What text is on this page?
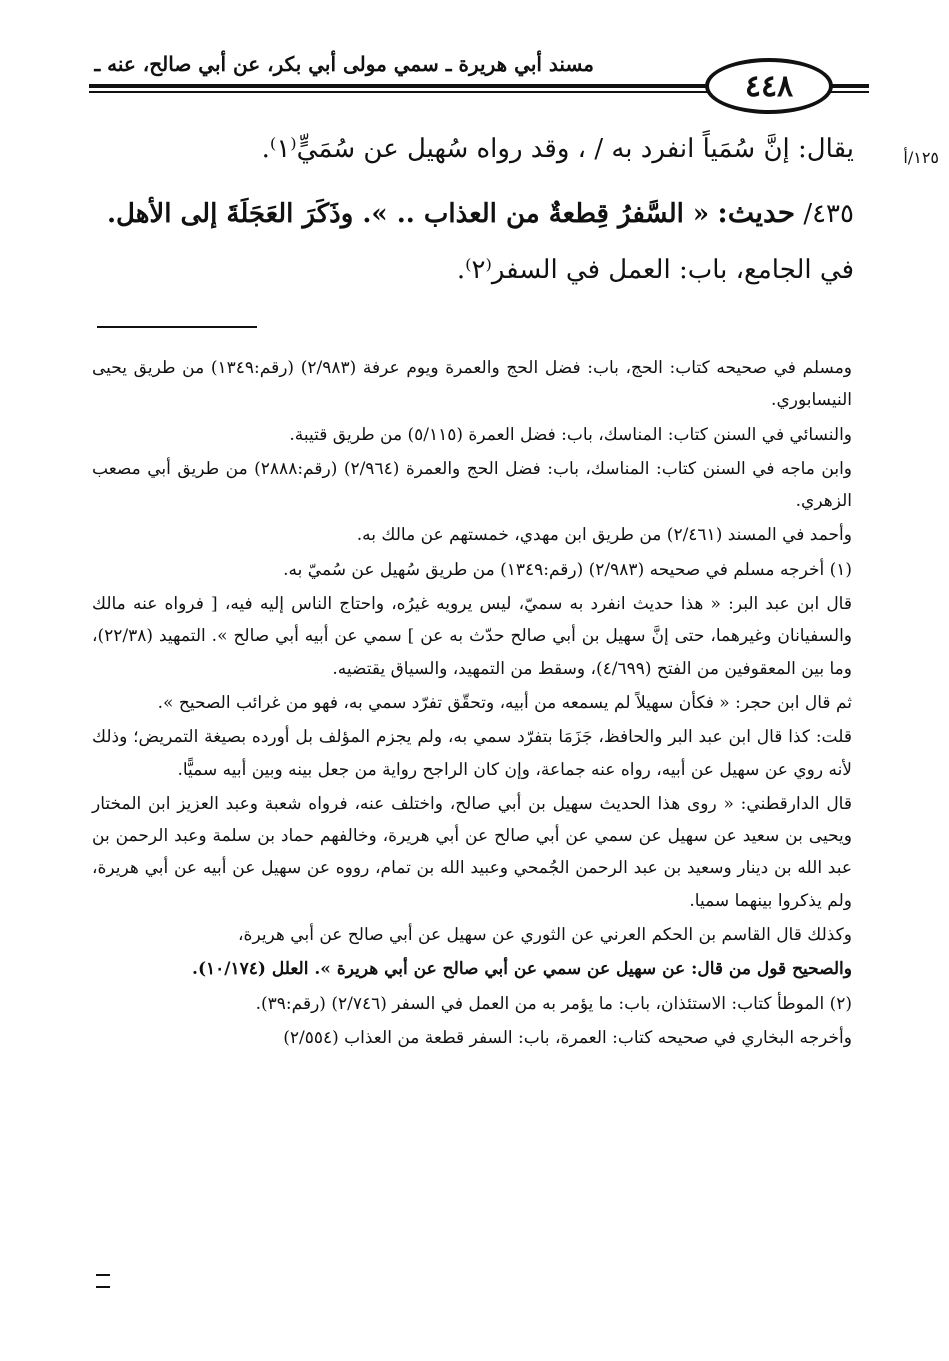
مسند أبي هريرة ـ سمي مولى أبي بكر، عن أبي صالح، عنه ـ
٤٤٨
١٢٥/أ

يقال: إنَّ سُمَياً انفرد به / ، وقد رواه سُهيل عن سُمَيٍّ⁽١⁾.

٤٣٥/ حديث: « السَّفرُ قِطعةٌ من العذاب .. ». وذَكَرَ العَجَلَةَ إلى الأهل.

في الجامع، باب: العمل في السفر⁽٢⁾.

ومسلم في صحيحه كتاب: الحج، باب: فضل الحج والعمرة ويوم عرفة (٢/٩٨٣) (رقم:١٣٤٩) من طريق يحيى النيسابوري.

والنسائي في السنن كتاب: المناسك، باب: فضل العمرة (٥/١١٥) من طريق قتيبة.

وابن ماجه في السنن كتاب: المناسك، باب: فضل الحج والعمرة (٢/٩٦٤) (رقم:٢٨٨٨) من طريق أبي مصعب الزهري.

وأحمد في المسند (٢/٤٦١) من طريق ابن مهدي، خمستهم عن مالك به.

(١) أخرجه مسلم في صحيحه (٢/٩٨٣) (رقم:١٣٤٩) من طريق سُهيل عن سُميّ به.

قال ابن عبد البر: « هذا حديث انفرد به سميّ، ليس يرويه غيرُه، واحتاج الناس إليه فيه، [ فرواه عنه مالك والسفيانان وغيرهما، حتى إنَّ سهيل بن أبي صالح حدّث به عن ] سمي عن أبيه أبي صالح ». التمهيد (٢٢/٣٨)، وما بين المعقوفين من الفتح (٤/٦٩٩)، وسقط من التمهيد، والسياق يقتضيه.

ثم قال ابن حجر: « فكأن سهيلاً لم يسمعه من أبيه، وتحقّق تفرّد سمي به، فهو من غرائب الصحيح ».

قلت: كذا قال ابن عبد البر والحافظ، جَزَمَا بتفرّد سمي به، ولم يجزم المؤلف بل أورده بصيغة التمريض؛ وذلك لأنه روي عن سهيل عن أبيه، رواه عنه جماعة، وإن كان الراجح رواية من جعل بينه وبين أبيه سميًّا.

قال الدارقطني: « روى هذا الحديث سهيل بن أبي صالح، واختلف عنه، فرواه شعبة وعبد العزيز ابن المختار ويحيى بن سعيد عن سهيل عن سمي عن أبي صالح عن أبي هريرة، وخالفهم حماد بن سلمة وعبد الرحمن بن عبد الله بن دينار وسعيد بن عبد الرحمن الجُمحي وعبيد الله بن تمام، رووه عن سهيل عن أبيه عن أبي هريرة، ولم يذكروا بينهما سميا.

وكذلك قال القاسم بن الحكم العرني عن الثوري عن سهيل عن أبي صالح عن أبي هريرة،

والصحيح قول من قال: عن سهيل عن سمي عن أبي صالح عن أبي هريرة ». العلل (١٠/١٧٤).

(٢) الموطأ كتاب: الاستئذان، باب: ما يؤمر به من العمل في السفر (٢/٧٤٦) (رقم:٣٩).

وأخرجه البخاري في صحيحه كتاب: العمرة، باب: السفر قطعة من العذاب (٢/٥٥٤)
